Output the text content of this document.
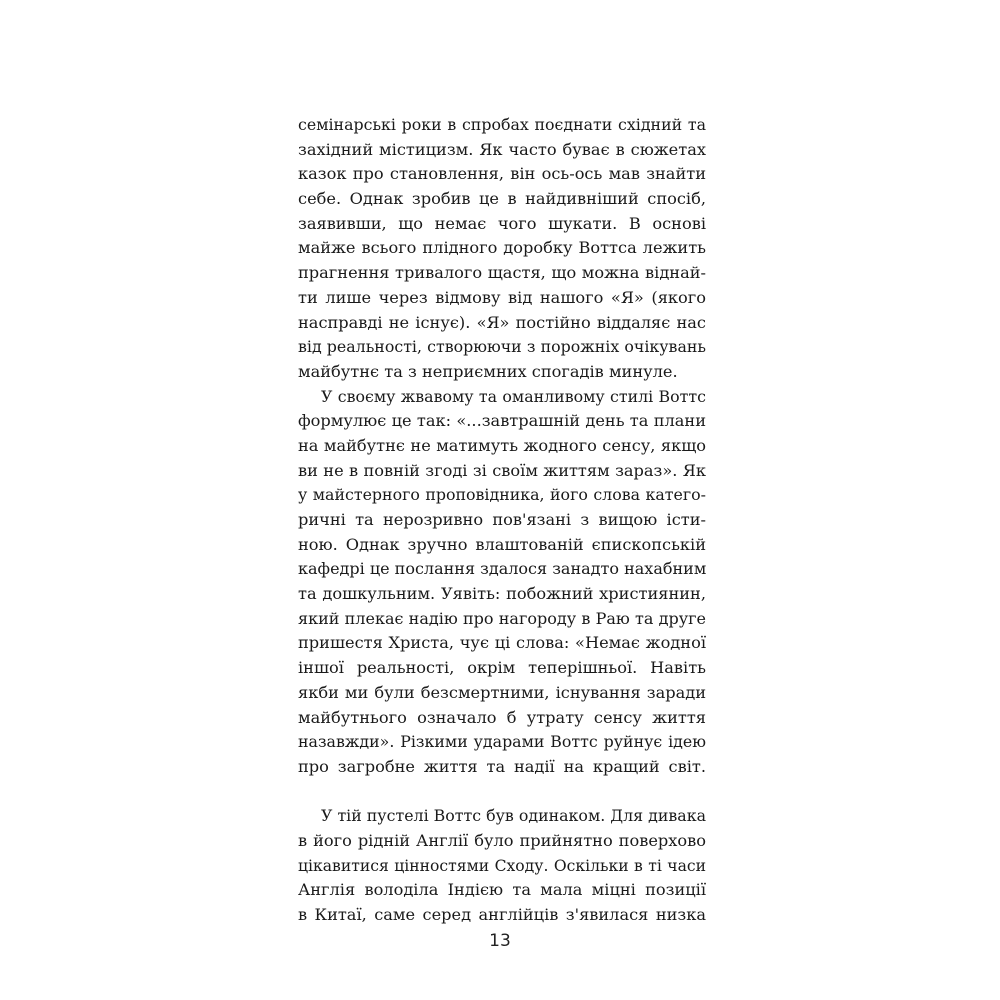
семінарські роки в спробах поєднати східний та
західний містицизм. Як часто буває в сюжетах
казок про становлення, він ось-ось мав знайти
себе. Однак зробив це в найдивніший спосіб,
заявивши, що немає чого шукати. В основі
майже всього плідного доробку Воттса лежить
прагнення тривалого щастя, що можна віднай-
ти лише через відмову від нашого «Я» (якого
насправді не існує). «Я» постійно віддаляє нас
від реальності, створюючи з порожніх очікувань
майбутнє та з неприємних спогадів минуле.
У своєму жвавому та оманливому стилі Воттс
формулює це так: «...завтрашній день та плани
на майбутнє не матимуть жодного сенсу, якщо
ви не в повній згоді зі своїм життям зараз». Як
у майстерного проповідника, його слова катего-
ричні та нерозривно пов'язані з вищою істи-
ною. Однак зручно влаштованій єпископській
кафедрі це послання здалося занадто нахабним
та дошкульним. Уявіть: побожний християнин,
який плекає надію про нагороду в Раю та друге
пришестя Христа, чує ці слова: «Немає жодної
іншої реальності, окрім теперішньої. Навіть
якби ми були безсмертними, існування заради
майбутнього означало б утрату сенсу життя
назавжди». Різкими ударами Воттс руйнує ідею
про загробне життя та надії на кращий світ.
У тій пустелі Воттс був одинаком. Для дивака
в його рідній Англії було прийнятно поверхово
цікавитися цінностями Сходу. Оскільки в ті часи
Англія володіла Індією та мала міцні позиції
в Китаї, саме серед англійців з'явилася низка
13
